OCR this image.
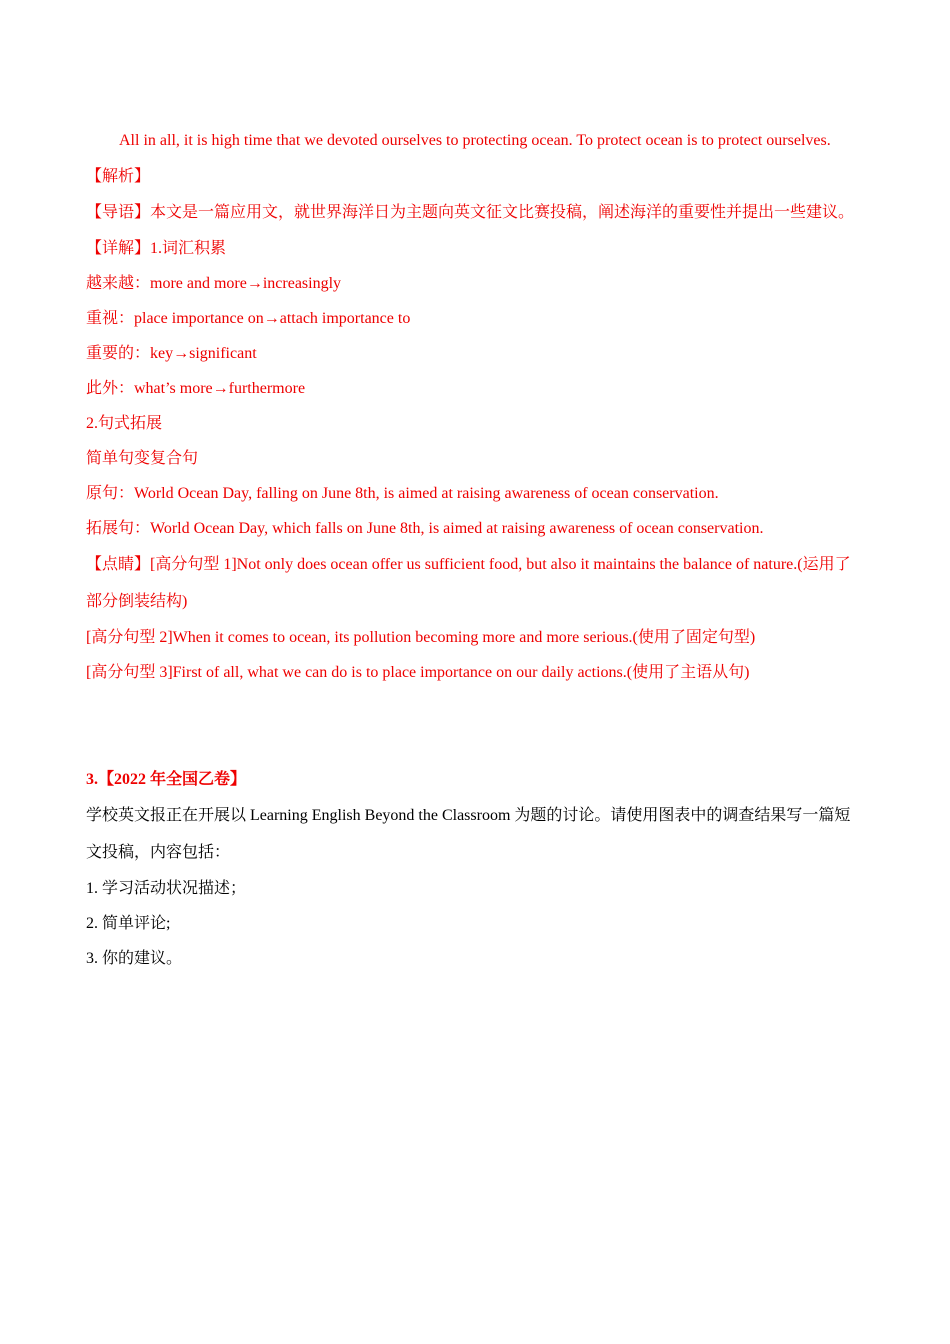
All in all, it is high time that we devoted ourselves to protecting ocean. To protect ocean is to protect ourselves.
【解析】
【导语】本文是一篇应用文，就世界海洋日为主题向英文征文比赛投稿，阐述海洋的重要性并提出一些建议。
【详解】1.词汇积累
越来越：more and more→increasingly
重视：place importance on→attach importance to
重要的：key→significant
此外：what’s more→furthermore
2.句式拓展
简单句变复合句
原句：World Ocean Day, falling on June 8th, is aimed at raising awareness of ocean conservation.
拓展句：World Ocean Day, which falls on June 8th, is aimed at raising awareness of ocean conservation.
【点睛】[高分句型 1]Not only does ocean offer us sufficient food, but also it maintains the balance of nature.(运用了部分倒装结构)
[高分句型 2]When it comes to ocean, its pollution becoming more and more serious.(使用了固定句型)
[高分句型 3]First of all, what we can do is to place importance on our daily actions.(使用了主语从句)
3.【2022 年全国乙卷】
学校英文报正在开展以 Learning English Beyond the Classroom 为题的讨论。请使用图表中的调查结果写一篇短文投稿，内容包括：
1. 学习活动状况描述；
2. 简单评论;
3. 你的建议。
